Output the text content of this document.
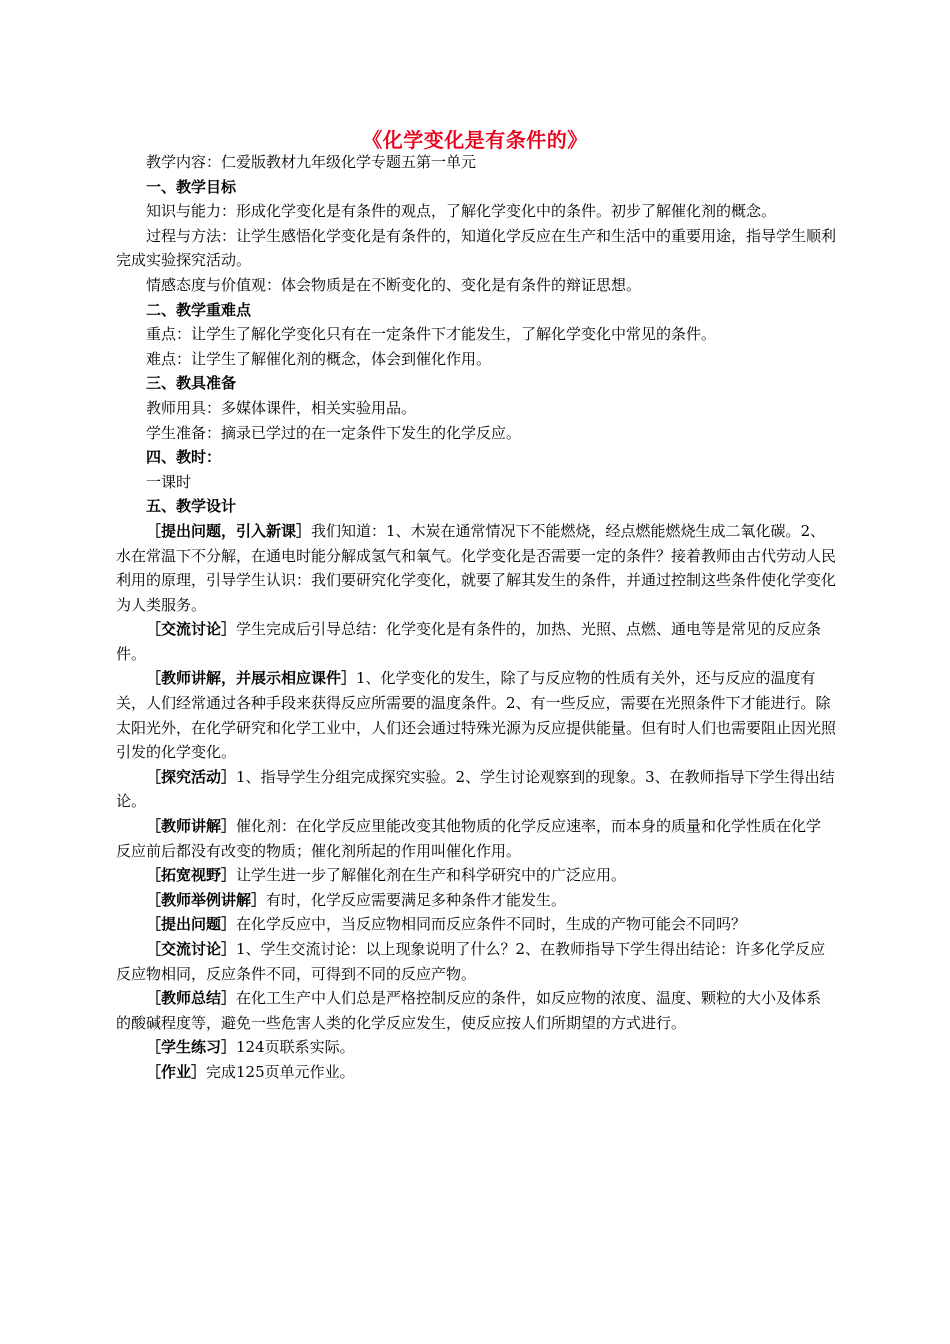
《化学变化是有条件的》

教学内容：仁爱版教材九年级化学专题五第一单元

一、教学目标

知识与能力：形成化学变化是有条件的观点，了解化学变化中的条件。初步了解催化剂的概念。

过程与方法：让学生感悟化学变化是有条件的，知道化学反应在生产和生活中的重要用途，指导学生顺利完成实验探究活动。

情感态度与价值观：体会物质是在不断变化的、变化是有条件的辩证思想。

二、教学重难点

重点：让学生了解化学变化只有在一定条件下才能发生，了解化学变化中常见的条件。

难点：让学生了解催化剂的概念，体会到催化作用。

三、教具准备

教师用具：多媒体课件，相关实验用品。

学生准备：摘录已学过的在一定条件下发生的化学反应。

四、教时：

一课时

五、教学设计

［提出问题，引入新课］我们知道：1、木炭在通常情况下不能燃烧，经点燃能燃烧生成二氧化碳。2、水在常温下不分解，在通电时能分解成氢气和氧气。化学变化是否需要一定的条件？接着教师由古代劳动人民利用的原理，引导学生认识：我们要研究化学变化，就要了解其发生的条件，并通过控制这些条件使化学变化为人类服务。

［交流讨论］学生完成后引导总结：化学变化是有条件的，加热、光照、点燃、通电等是常见的反应条件。

［教师讲解，并展示相应课件］1、化学变化的发生，除了与反应物的性质有关外，还与反应的温度有关，人们经常通过各种手段来获得反应所需要的温度条件。2、有一些反应，需要在光照条件下才能进行。除太阳光外，在化学研究和化学工业中，人们还会通过特殊光源为反应提供能量。但有时人们也需要阻止因光照引发的化学变化。

［探究活动］1、指导学生分组完成探究实验。2、学生讨论观察到的现象。3、在教师指导下学生得出结论。

［教师讲解］催化剂：在化学反应里能改变其他物质的化学反应速率，而本身的质量和化学性质在化学反应前后都没有改变的物质；催化剂所起的作用叫催化作用。

［拓宽视野］让学生进一步了解催化剂在生产和科学研究中的广泛应用。

［教师举例讲解］有时，化学反应需要满足多种条件才能发生。

［提出问题］在化学反应中，当反应物相同而反应条件不同时，生成的产物可能会不同吗？

［交流讨论］1、学生交流讨论：以上现象说明了什么？2、在教师指导下学生得出结论：许多化学反应反应物相同，反应条件不同，可得到不同的反应产物。

［教师总结］在化工生产中人们总是严格控制反应的条件，如反应物的浓度、温度、颗粒的大小及体系的酸碱程度等，避免一些危害人类的化学反应发生，使反应按人们所期望的方式进行。

［学生练习］124页联系实际。

［作业］完成125页单元作业。
